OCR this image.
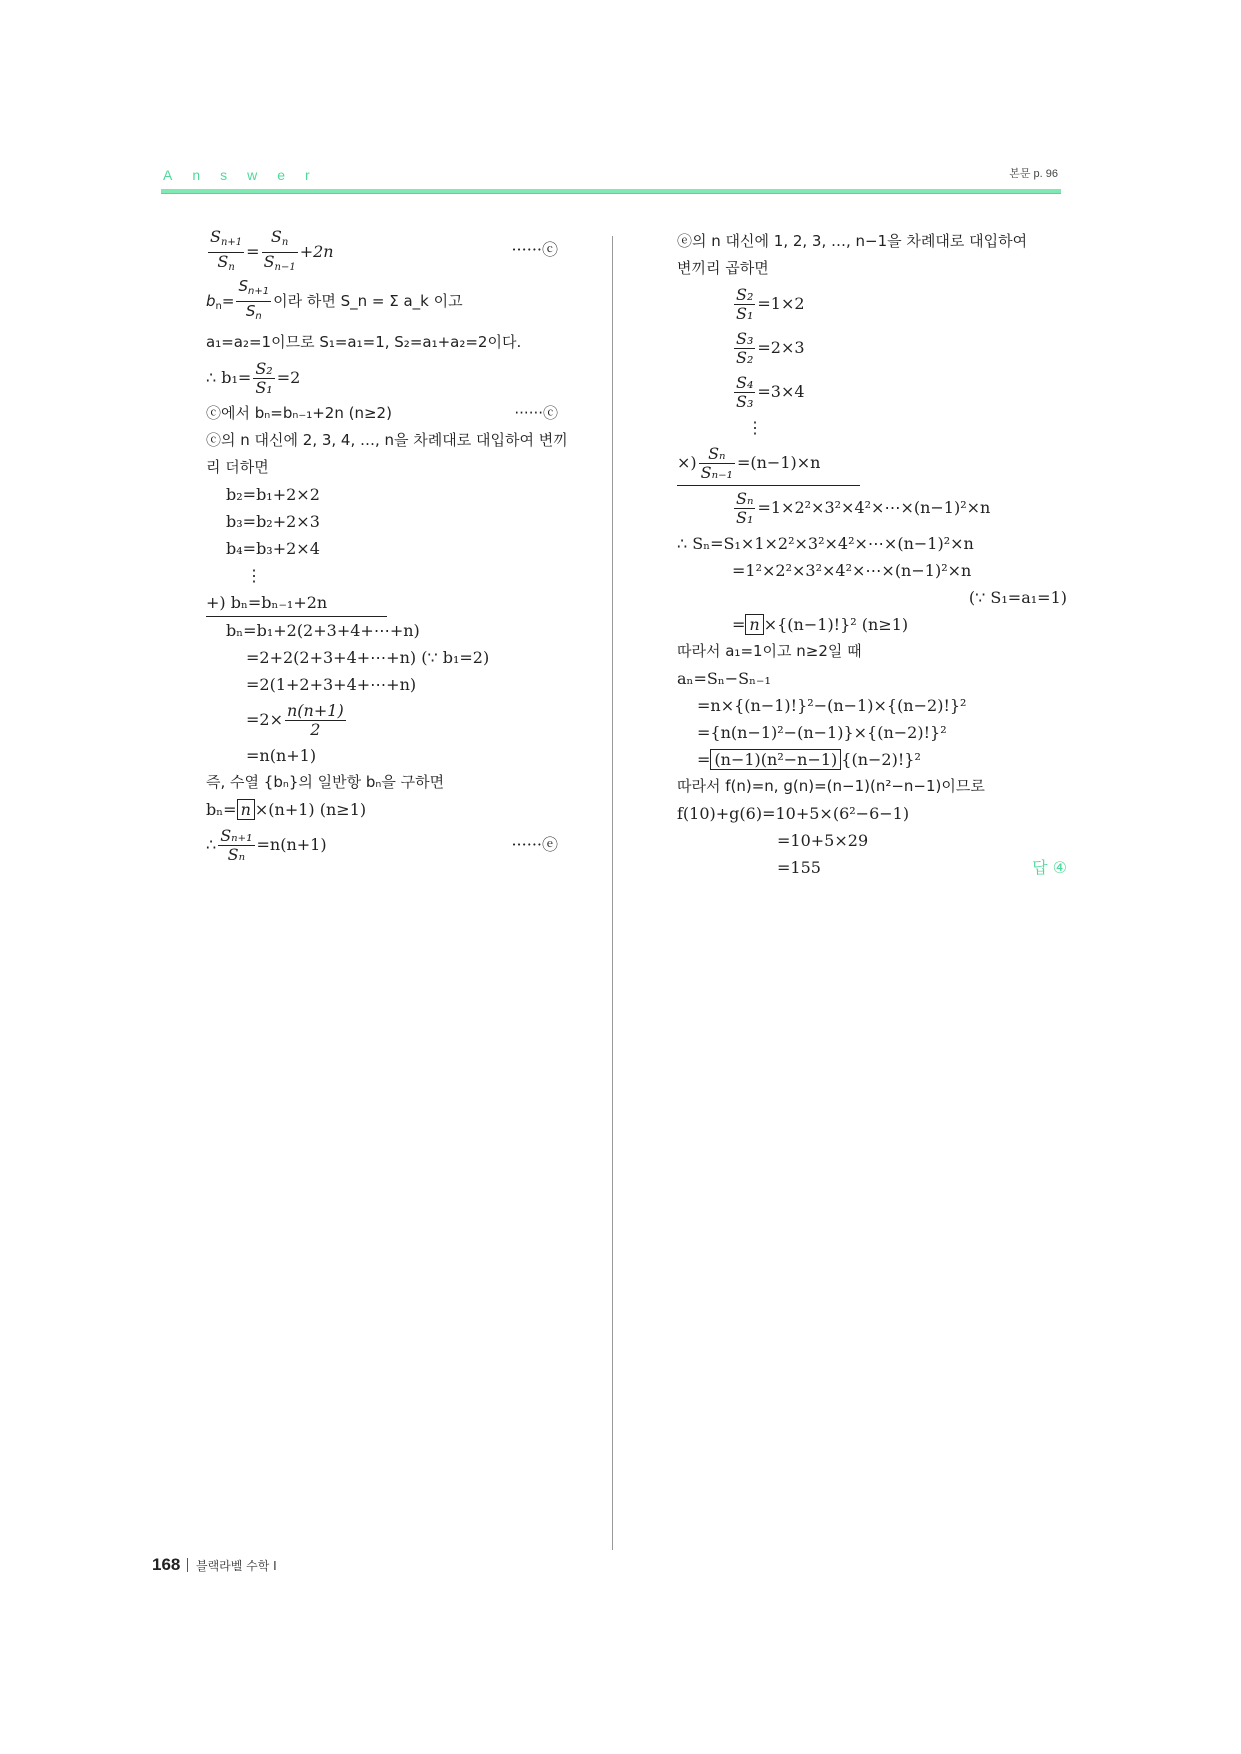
Answer	본문 p. 96
$\frac{S_{n+1}}{S_n} = \frac{S_n}{S_{n-1}} +2n$	······ⓒ
$b_n= \frac{S_{n+1}}{S_n}$ 이라 하면 S_n = Σ a_k 이고
a₁=a₂=1이므로 S₁=a₁=1, S₂=a₁+a₂=2이다.
∴ $b_1= \frac{\text{S₂}}{\text{S₁}} =2$
ⓒ에서 bₙ=bₙ₋₁+2n (n≥2)	······ⓒ
ⓒ의 n 대신에 2, 3, 4, …, n을 차례대로 대입하여 변끼
리 더하면
b₂=b₁+2×2
b₃=b₂+2×3
b₄=b₃+2×4
⋮
+) bₙ=bₙ₋₁+2n
bₙ=b₁+2(2+3+4+⋯+n)
=2+2(2+3+4+⋯+n) (∵ b₁=2)
=2(1+2+3+4+⋯+n)
$=2\times \frac{n(n+1)}{2}$
=n(n+1)
즉, 수열 {bₙ}의 일반항 bₙ을 구하면
bₙ= n ×(n+1) (n≥1)
∴ $\frac{\text{Sₙ₊₁}}{\text{Sₙ}} =n(n+1)$	······ⓔ
ⓔ의 n 대신에 1, 2, 3, …, n−1을 차례대로 대입하여
변끼리 곱하면
$\frac{\text{S₂}}{\text{S₁}} =1\times 2$
$\frac{\text{S₃}}{\text{S₂}} =2\times 3$
$\frac{\text{S₄}}{\text{S₃}} =3\times 4$
⋮
×) $\frac{\text{Sₙ}}{\text{Sₙ₋₁}} =(n-1)\times n$
$\frac{\text{Sₙ}}{\text{S₁}}$ =1×2²×3²×4²×⋯×(n−1)²×n
∴ Sₙ=S₁×1×2²×3²×4²×⋯×(n−1)²×n
=1²×2²×3²×4²×⋯×(n−1)²×n
(∵ S₁=a₁=1)
= n ×{(n−1)!}² (n≥1)
따라서 a₁=1이고 n≥2일 때
aₙ=Sₙ−Sₙ₋₁
=n×{(n−1)!}²−(n−1)×{(n−2)!}²
={n(n−1)²−(n−1)}×{(n−2)!}²
= (n−1)(n²−n−1) {(n−2)!}²
따라서 f(n)=n, g(n)=(n−1)(n²−n−1)이므로
f(10)+g(6)=10+5×(6²−6−1)
=10+5×29
=155	답 ④
168 블랙라벨 수학 I
